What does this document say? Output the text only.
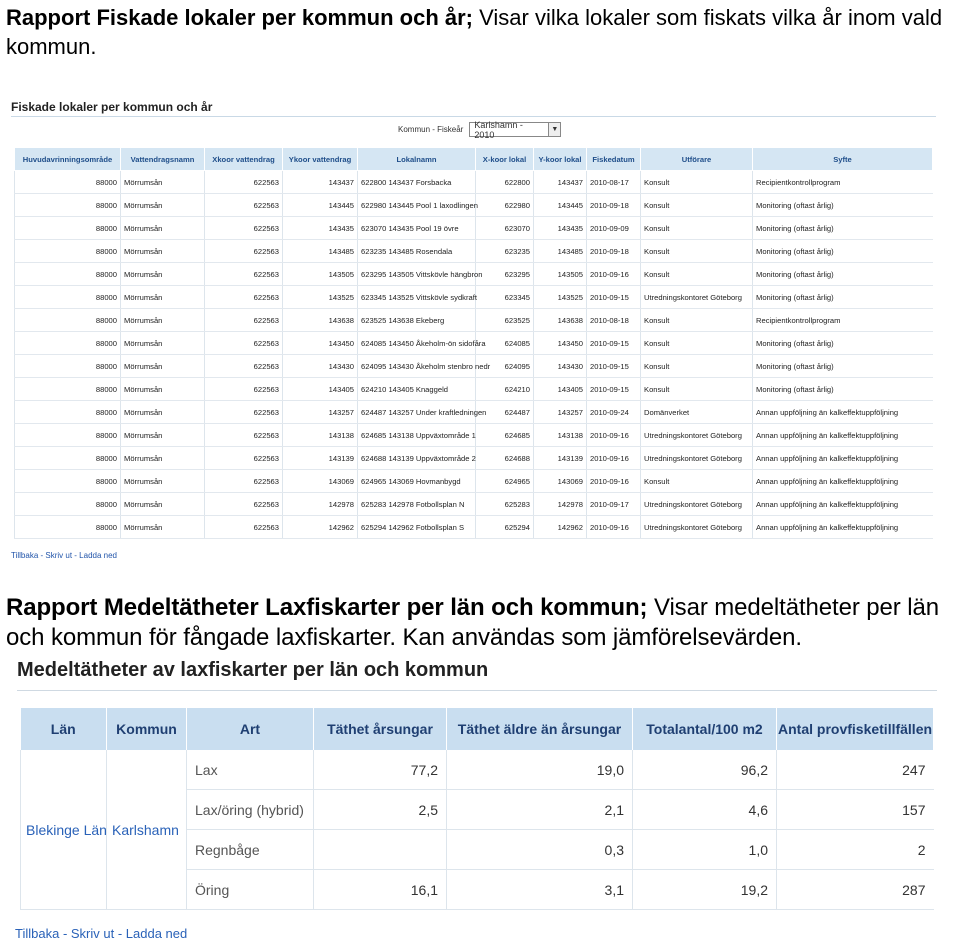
Rapport Fiskade lokaler per kommun och år; Visar vilka lokaler som fiskats vilka år inom vald kommun.

Fiskade lokaler per kommun och år
Kommun - Fiskeår	Karlshamn - 2010	▼
Huvudavrinningsområde	Vattendragsnamn	Xkoor vattendrag	Ykoor vattendrag	Lokalnamn	X-koor lokal	Y-koor lokal	Fiskedatum	Utförare	Syfte
88000	Mörrumsån	622563	143437	622800 143437 Forsbacka	622800	143437	2010-08-17	Konsult	Recipientkontrollprogram
88000	Mörrumsån	622563	143445	622980 143445 Pool 1 laxodlingen	622980	143445	2010-09-18	Konsult	Monitoring (oftast årlig)
88000	Mörrumsån	622563	143435	623070 143435 Pool 19 övre	623070	143435	2010-09-09	Konsult	Monitoring (oftast årlig)
88000	Mörrumsån	622563	143485	623235 143485 Rosendala	623235	143485	2010-09-18	Konsult	Monitoring (oftast årlig)
88000	Mörrumsån	622563	143505	623295 143505 Vittskövle hängbron	623295	143505	2010-09-16	Konsult	Monitoring (oftast årlig)
88000	Mörrumsån	622563	143525	623345 143525 Vittskövle sydkraft	623345	143525	2010-09-15	Utredningskontoret Göteborg	Monitoring (oftast årlig)
88000	Mörrumsån	622563	143638	623525 143638 Ekeberg	623525	143638	2010-08-18	Konsult	Recipientkontrollprogram
88000	Mörrumsån	622563	143450	624085 143450 Åkeholm-ön sidofåra	624085	143450	2010-09-15	Konsult	Monitoring (oftast årlig)
88000	Mörrumsån	622563	143430	624095 143430 Åkeholm stenbro nedr	624095	143430	2010-09-15	Konsult	Monitoring (oftast årlig)
88000	Mörrumsån	622563	143405	624210 143405 Knaggeld	624210	143405	2010-09-15	Konsult	Monitoring (oftast årlig)
88000	Mörrumsån	622563	143257	624487 143257 Under kraftledningen	624487	143257	2010-09-24	Domänverket	Annan uppföljning än kalkeffektuppföljning
88000	Mörrumsån	622563	143138	624685 143138 Uppväxtområde 1	624685	143138	2010-09-16	Utredningskontoret Göteborg	Annan uppföljning än kalkeffektuppföljning
88000	Mörrumsån	622563	143139	624688 143139 Uppväxtområde 2	624688	143139	2010-09-16	Utredningskontoret Göteborg	Annan uppföljning än kalkeffektuppföljning
88000	Mörrumsån	622563	143069	624965 143069 Hovmanbygd	624965	143069	2010-09-16	Konsult	Annan uppföljning än kalkeffektuppföljning
88000	Mörrumsån	622563	142978	625283 142978 Fotbollsplan N	625283	142978	2010-09-17	Utredningskontoret Göteborg	Annan uppföljning än kalkeffektuppföljning
88000	Mörrumsån	622563	142962	625294 142962 Fotbollsplan S	625294	142962	2010-09-16	Utredningskontoret Göteborg	Annan uppföljning än kalkeffektuppföljning
Tillbaka - Skriv ut - Ladda ned

Rapport Medeltätheter Laxfiskarter per län och kommun; Visar medeltätheter per län och kommun för fångade laxfiskarter. Kan användas som jämförelsevärden.

Medeltätheter av laxfiskarter per län och kommun
Län	Kommun	Art	Täthet årsungar	Täthet äldre än årsungar	Totalantal/100 m2	Antal provfisketillfällen
Blekinge Län	Karlshamn	Lax	77,2	19,0	96,2	247
		Lax/öring (hybrid)	2,5	2,1	4,6	157
		Regnbåge		0,3	1,0	2
		Öring	16,1	3,1	19,2	287
Tillbaka - Skriv ut - Ladda ned
